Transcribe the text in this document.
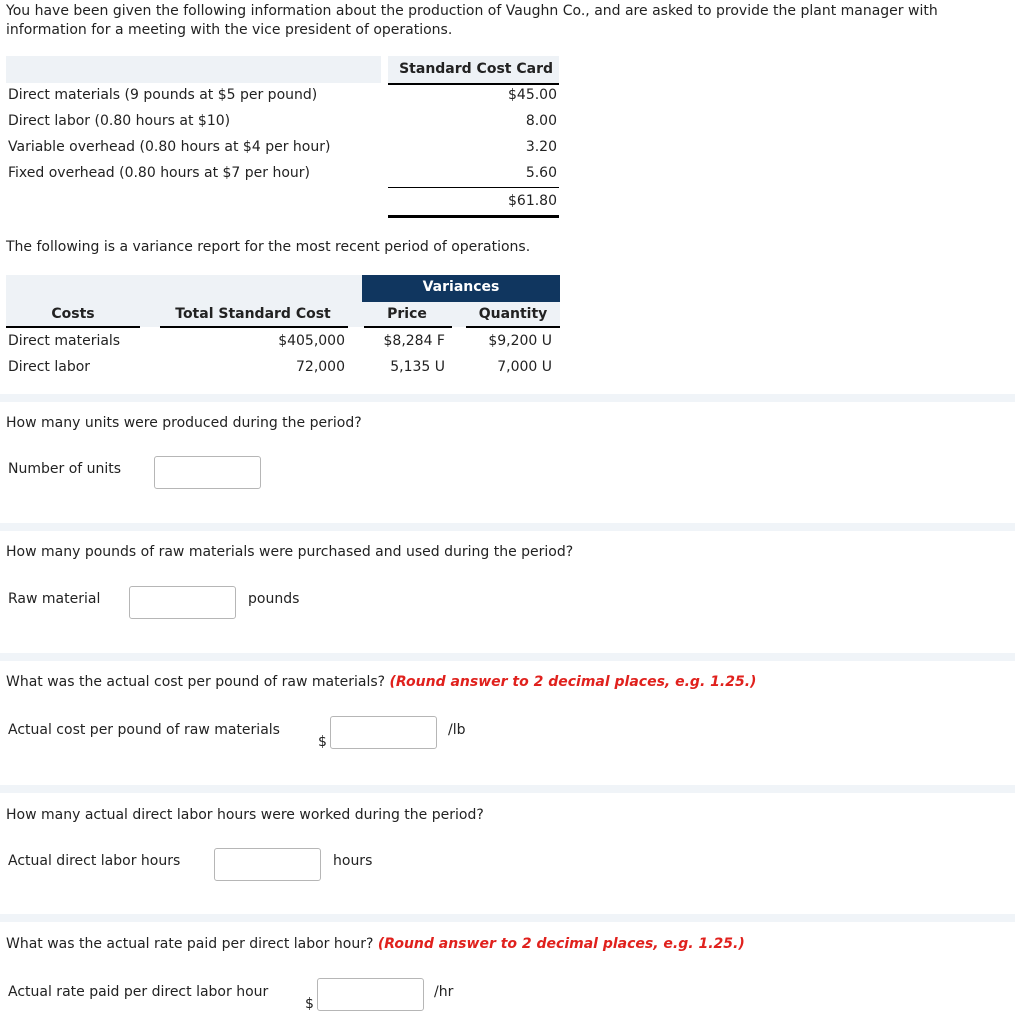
You have been given the following information about the production of Vaughn Co., and are asked to provide the plant manager with information for a meeting with the vice president of operations.
Standard Cost Card
Direct materials (9 pounds at $5 per pound)	$45.00
Direct labor (0.80 hours at $10)	8.00
Variable overhead (0.80 hours at $4 per hour)	3.20
Fixed overhead (0.80 hours at $7 per hour)	5.60
$61.80
The following is a variance report for the most recent period of operations.
Variances
Costs	Total Standard Cost	Price	Quantity
Direct materials	$405,000	$8,284 F	$9,200 U
Direct labor	72,000	5,135 U	7,000 U
How many units were produced during the period?
Number of units
How many pounds of raw materials were purchased and used during the period?
Raw material	pounds
What was the actual cost per pound of raw materials? (Round answer to 2 decimal places, e.g. 1.25.)
Actual cost per pound of raw materials
$
/lb
How many actual direct labor hours were worked during the period?
Actual direct labor hours	hours
What was the actual rate paid per direct labor hour? (Round answer to 2 decimal places, e.g. 1.25.)
Actual rate paid per direct labor hour
$
/hr
